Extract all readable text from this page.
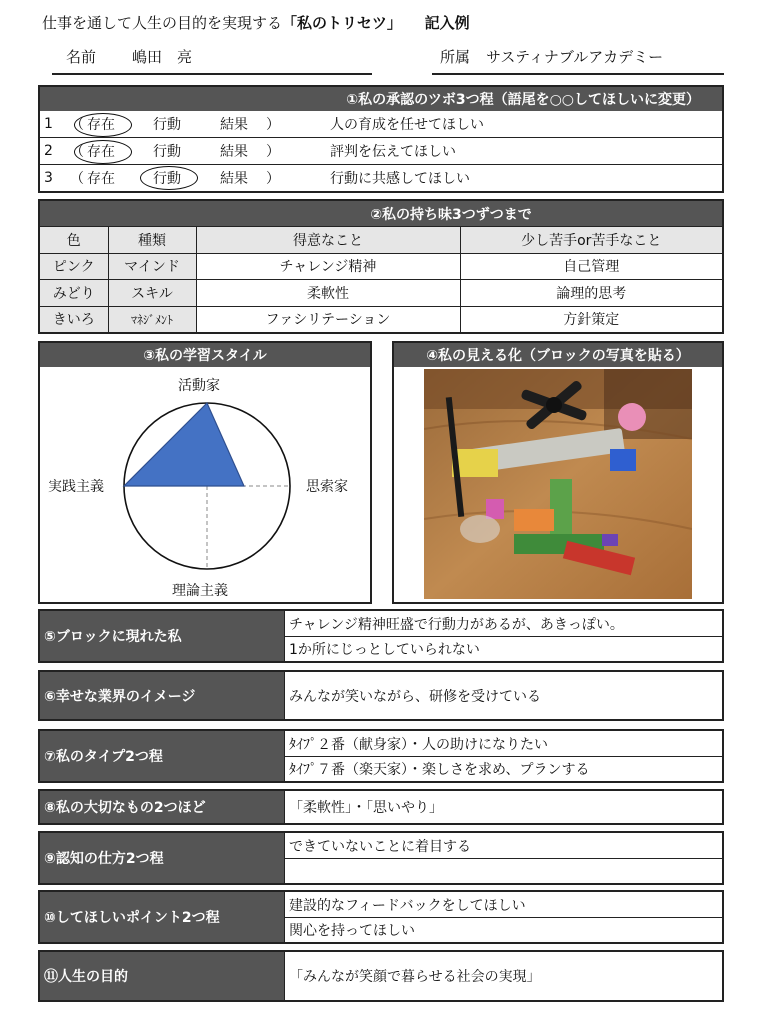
仕事を通して人生の目的を実現する「私のトリセツ」 記入例
名前 嶋田　亮	所属 サスティナブルアカデミー
①私の承認のツボ3つ程（語尾を○○してほしいに変更）
1 （ 存在	行動	結果 ）	人の育成を任せてほしい
2 （ 存在	行動	結果 ）	評判を伝えてほしい
3 （ 存在	行動	結果 ）	行動に共感してほしい
②私の持ち味3つずつまで
色	種類	得意なこと	少し苦手or苦手なこと
ピンク	マインド	チャレンジ精神	自己管理
みどり	スキル	柔軟性	論理的思考
きいろ	ﾏﾈｼﾞﾒﾝﾄ	ファシリテーション	方針策定
③私の学習スタイル
活動家
実践主義	思索家
理論主義
④私の見える化（ブロックの写真を貼る）
⑤ブロックに現れた私
チャレンジ精神旺盛で行動力があるが、あきっぽい。
1か所にじっとしていられない
⑥幸せな業界のイメージ	みんなが笑いながら、研修を受けている
⑦私のタイプ2つ程
ﾀｲﾌﾟ２番（献身家）・人の助けになりたい
ﾀｲﾌﾟ７番（楽天家）・楽しさを求め、プランする
⑧私の大切なもの2つほど	「柔軟性」・「思いやり」
⑨認知の仕方2つ程
できていないことに着目する
⑩してほしいポイント2つ程
建設的なフィードバックをしてほしい
関心を持ってほしい
⑪人生の目的	「みんなが笑顔で暮らせる社会の実現」
